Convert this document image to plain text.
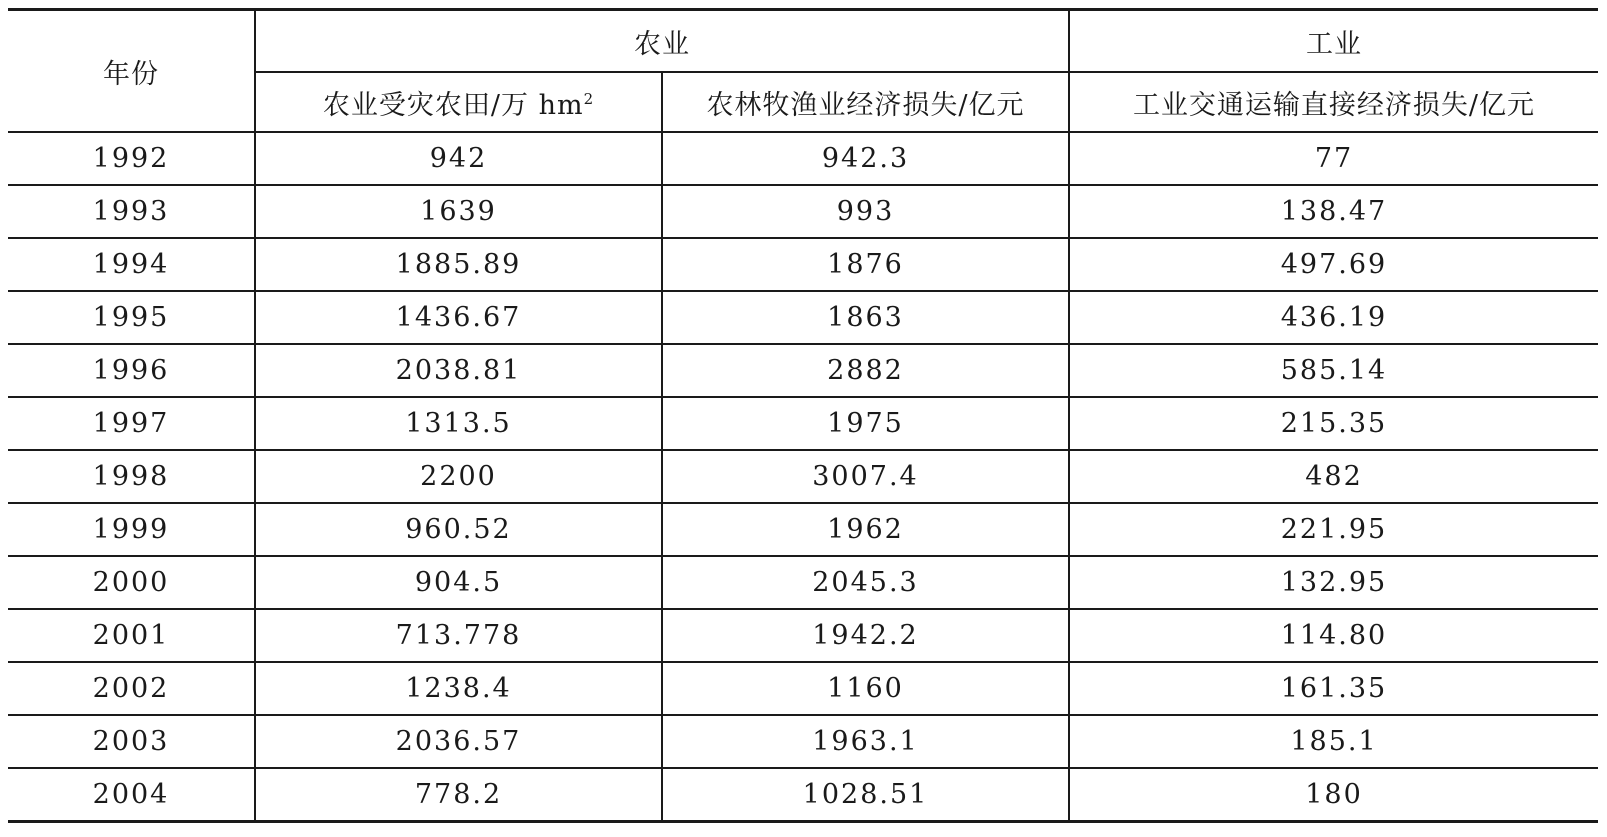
年份	农业		工业
	农业受灾农田/万 $hm^2$	农林牧渔业经济损失/亿元	工业交通运输直接经济损失/亿元
1992	942	942.3	77
1993	1639	993	138.47
1994	1885.89	1876	497.69
1995	1436.67	1863	436.19
1996	2038.81	2882	585.14
1997	1313.5	1975	215.35
1998	2200	3007.4	482
1999	960.52	1962	221.95
2000	904.5	2045.3	132.95
2001	713.778	1942.2	114.80
2002	1238.4	1160	161.35
2003	2036.57	1963.1	185.1
2004	778.2	1028.51	180
